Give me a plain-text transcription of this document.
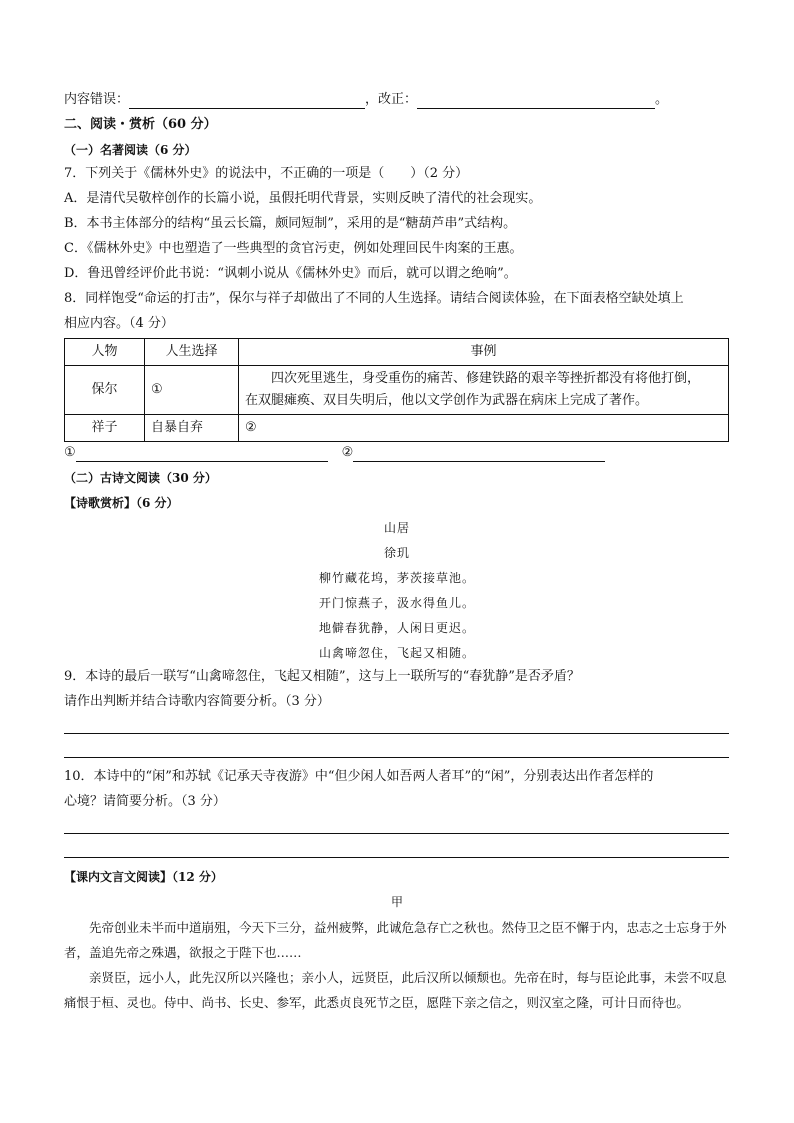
内容错误：	，改正：	。
二、阅读・赏析（60 分）
（一）名著阅读（6 分）
7．下列关于《儒林外史》的说法中，不正确的一项是（　　）（2 分）
A．是清代吴敬梓创作的长篇小说，虽假托明代背景，实则反映了清代的社会现实。
B．本书主体部分的结构“虽云长篇，颇同短制”，采用的是“糖葫芦串”式结构。
C．《儒林外史》中也塑造了一些典型的贪官污吏，例如处理回民牛肉案的王惠。
D．鲁迅曾经评价此书说：“讽刺小说从《儒林外史》而后，就可以谓之绝响”。
8．同样饱受“命运的打击”，保尔与祥子却做出了不同的人生选择。请结合阅读体验，在下面表格空缺处填上
相应内容。（4 分）
人物	人生选择	事例
保尔	①	四次死里逃生，身受重伤的痛苦、修建铁路的艰辛等挫折都没有将他打倒，
在双腿瘫痪、双目失明后，他以文学创作为武器在病床上完成了著作。

祥子	自暴自弃	②
①	②
（二）古诗文阅读（30 分）
【诗歌赏析】（6 分）
山居
徐玑
柳竹藏花坞，茅茨接草池。
开门惊燕子，汲水得鱼儿。
地僻春犹静，人闲日更迟。
山禽啼忽住，飞起又相随。
9．本诗的最后一联写“山禽啼忽住，飞起又相随”，这与上一联所写的“春犹静”是否矛盾？
请作出判断并结合诗歌内容简要分析。（3 分）
10．本诗中的“闲”和苏轼《记承天寺夜游》中“但少闲人如吾两人者耳”的“闲”，分别表达出作者怎样的
心境？请简要分析。（3 分）
【课内文言文阅读】（12 分）
甲
先帝创业未半而中道崩殂，今天下三分，益州疲弊，此诚危急存亡之秋也。然侍卫之臣不懈于内，忠志之士忘身于外者，盖追先帝之殊遇，欲报之于陛下也……
亲贤臣，远小人，此先汉所以兴隆也；亲小人，远贤臣，此后汉所以倾颓也。先帝在时，每与臣论此事，未尝不叹息痛恨于桓、灵也。侍中、尚书、长史、参军，此悉贞良死节之臣，愿陛下亲之信之，则汉室之隆，可计日而待也。
